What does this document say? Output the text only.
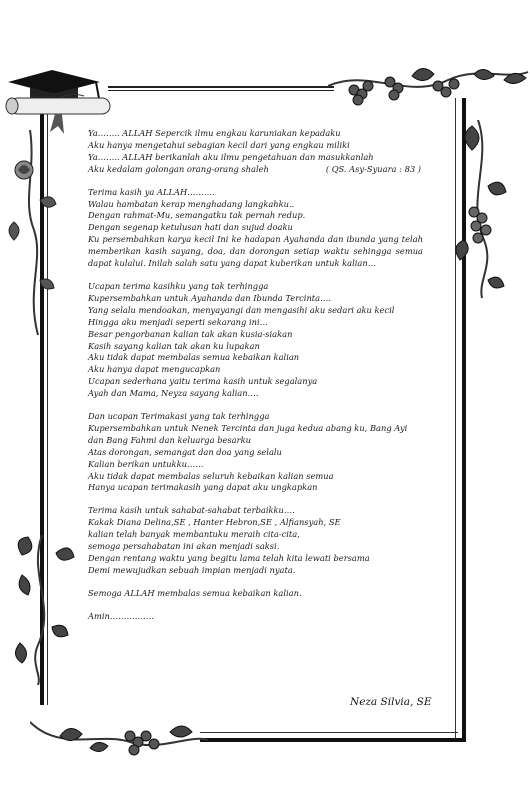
Ya…….. ALLAH Sepercik ilmu engkau karuniakan kepadaku
Aku hanya mengetahui sebagian kecil dari yang engkau miliki
Ya…….. ALLAH berikanlah aku ilmu pengetahuan dan masukkanlah
Aku kedalam golongan orang-orang shaleh	( QS. Asy-Syuara : 83 )
Terima kasih ya ALLAH……….
Walau hambatan kerap menghadang langkahku..
Dengan rahmat-Mu, semangatku tak pernah redup.
Dengan segenap ketulusan hati dan sujud doaku
Ku persembahkan karya kecil Ini ke hadapan Ayahanda dan ibunda yang telah memberikan kasih sayang, doa, dan dorongan setiap waktu sehingga semua dapat kulalui. Inilah salah satu yang dapat kuberikan untuk kalian…
Ucapan terima kasihku yang tak terhingga
Kupersembahkan untuk Ayahanda dan Ibunda Tercinta….
Yang selalu mendoakan, menyayangi dan mengasihi aku sedari aku kecil
Hingga aku menjadi seperti sekarang ini…
Besar pengorbanan kalian tak akan kusia-siakan
Kasih sayang kalian tak akan ku lupakan
Aku tidak dapat membalas semua kebaikan kalian
Aku hanya dapat mengucapkan
Ucapan sederhana yaitu terima kasih untuk segalanya
Ayah dan Mama, Neyza sayang kalian….
Dan ucapan Terimakasi yang tak terhingga
Kupersembahkan untuk Nenek Tercinta dan juga kedua abang ku, Bang Ayi
dan Bang Fahmi dan keluarga besarku
Atas dorongan, semangat dan doa yang selalu
Kalian berikan untukku……
Aku tidak dapat membalas seluruh kebaikan kalian semua
Hanya ucapan terimakasih yang dapat aku ungkapkan
Terima kasih untuk sahabat-sahabat terbaikku….
Kakak Diana Delina,SE , Hanter Hebron,SE , Alfiansyah, SE
kalian telah banyak membantuku meraih cita-cita,
semoga persahabatan ini akan menjadi saksi.
Dengan rentang waktu yang begitu lama telah kita lewati bersama
Demi mewujudkan sebuah impian menjadi nyata.
Semoga ALLAH membalas semua kebaikan kalian.
Amin…………….
Neza Silvia, SE
